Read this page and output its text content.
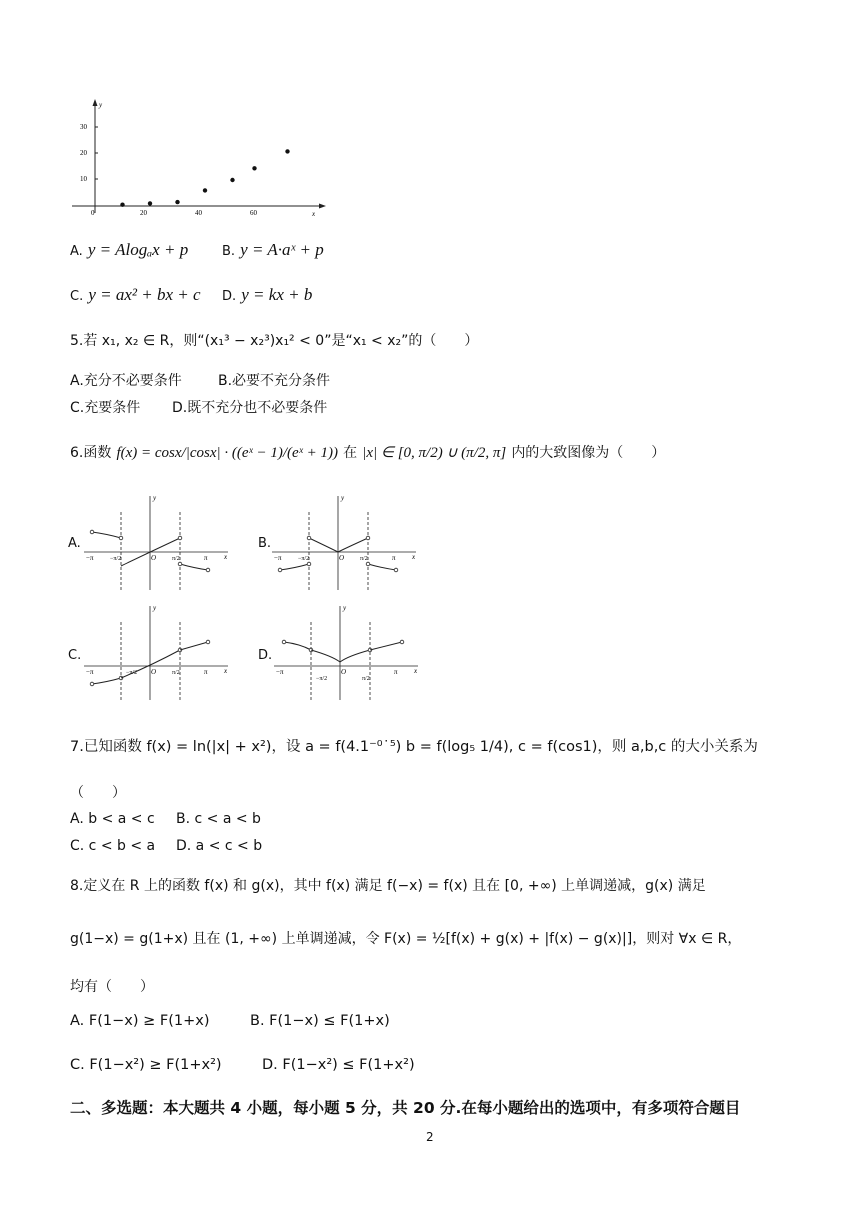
y
x
30
20
10
0	20	40	60
A. y = Alogₐx + p	B. y = A·aˣ + p
C. y = ax² + bx + c D. y = kx + b
5.若 x₁, x₂ ∈ R，则“(x₁³ − x₂³)x₁² < 0”是“x₁ < x₂”的（　　）
A.充分不必要条件	B.必要不充分条件
C.充要条件 D.既不充分也不必要条件
6.函数 f(x) = cosx/|cosx| · ((eˣ − 1)/(eˣ + 1)) 在 |x| ∈ [0, π/2) ∪ (π/2, π] 内的大致图像为（　　）
A.
y
x
O
−π	π
−π/2	π/2
B.
y
x
O
−π	π
−π/2	π/2
C.
y
x
O
−π	π
−π/2	π/2
D.
y
x
O
−π	π
−π/2	π/2
7.已知函数 f(x) = ln(|x| + x²)，设 a = f(4.1⁻⁰˙⁵) b = f(log₅ 1/4), c = f(cos1)，则 a,b,c 的大小关系为
（　　）
A. b < a < c B. c < a < b
C. c < b < a D. a < c < b
8.定义在 R 上的函数 f(x) 和 g(x)，其中 f(x) 满足 f(−x) = f(x) 且在 [0, +∞) 上单调递减，g(x) 满足
g(1−x) = g(1+x) 且在 (1, +∞) 上单调递减，令 F(x) = ½[f(x) + g(x) + |f(x) − g(x)|]，则对 ∀x ∈ R，
均有（　　）
A. F(1−x) ≥ F(1+x)	B. F(1−x) ≤ F(1+x)
C. F(1−x²) ≥ F(1+x²)	D. F(1−x²) ≤ F(1+x²)
二、多选题：本大题共 4 小题，每小题 5 分，共 20 分.在每小题给出的选项中，有多项符合题目
2
